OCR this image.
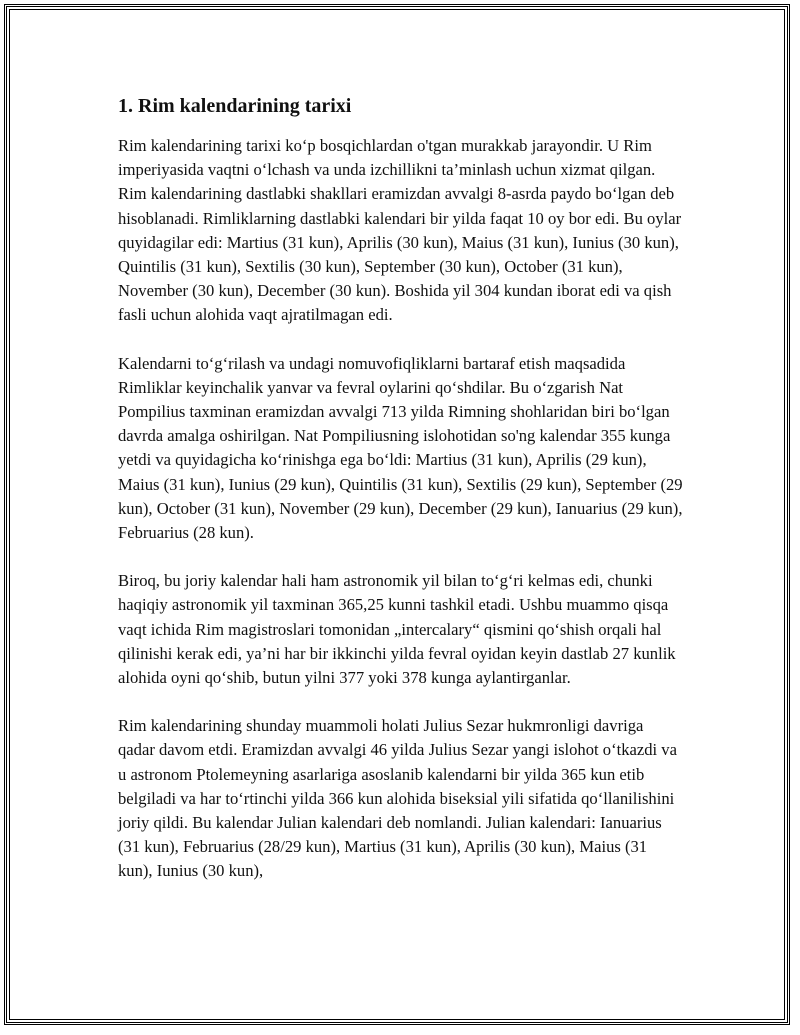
1. Rim kalendarining tarixi

Rim kalendarining tarixi ko‘p bosqichlardan o'tgan murakkab jarayondir. U Rim imperiyasida vaqtni o‘lchash va unda izchillikni ta’minlash uchun xizmat qilgan. Rim kalendarining dastlabki shakllari eramizdan avvalgi 8-asrda paydo bo‘lgan deb hisoblanadi. Rimliklarning dastlabki kalendari bir yilda faqat 10 oy bor edi. Bu oylar quyidagilar edi: Martius (31 kun), Aprilis (30 kun), Maius (31 kun), Iunius (30 kun), Quintilis (31 kun), Sextilis (30 kun), September (30 kun), October (31 kun), November (30 kun), December (30 kun). Boshida yil 304 kundan iborat edi va qish fasli uchun alohida vaqt ajratilmagan edi.

Kalendarni to‘g‘rilash va undagi nomuvofiqliklarni bartaraf etish maqsadida Rimliklar keyinchalik yanvar va fevral oylarini qo‘shdilar. Bu o‘zgarish Nat Pompilius taxminan eramizdan avvalgi 713 yilda Rimning shohlaridan biri bo‘lgan davrda amalga oshirilgan. Nat Pompiliusning islohotidan so'ng kalendar 355 kunga yetdi va quyidagicha ko‘rinishga ega bo‘ldi: Martius (31 kun), Aprilis (29 kun), Maius (31 kun), Iunius (29 kun), Quintilis (31 kun), Sextilis (29 kun), September (29 kun), October (31 kun), November (29 kun), December (29 kun), Ianuarius (29 kun), Februarius (28 kun).

Biroq, bu joriy kalendar hali ham astronomik yil bilan to‘g‘ri kelmas edi, chunki haqiqiy astronomik yil taxminan 365,25 kunni tashkil etadi. Ushbu muammo qisqa vaqt ichida Rim magistroslari tomonidan „intercalary“ qismini qo‘shish orqali hal qilinishi kerak edi, ya’ni har bir ikkinchi yilda fevral oyidan keyin dastlab 27 kunlik alohida oyni qo‘shib, butun yilni 377 yoki 378 kunga aylantirganlar.

Rim kalendarining shunday muammoli holati Julius Sezar hukmronligi davriga qadar davom etdi. Eramizdan avvalgi 46 yilda Julius Sezar yangi islohot o‘tkazdi va u astronom Ptolemeyning asarlariga asoslanib kalendarni bir yilda 365 kun etib belgiladi va har to‘rtinchi yilda 366 kun alohida biseksial yili sifatida qo‘llanilishini joriy qildi. Bu kalendar Julian kalendari deb nomlandi. Julian kalendari: Ianuarius (31 kun), Februarius (28/29 kun), Martius (31 kun), Aprilis (30 kun), Maius (31 kun), Iunius (30 kun),
